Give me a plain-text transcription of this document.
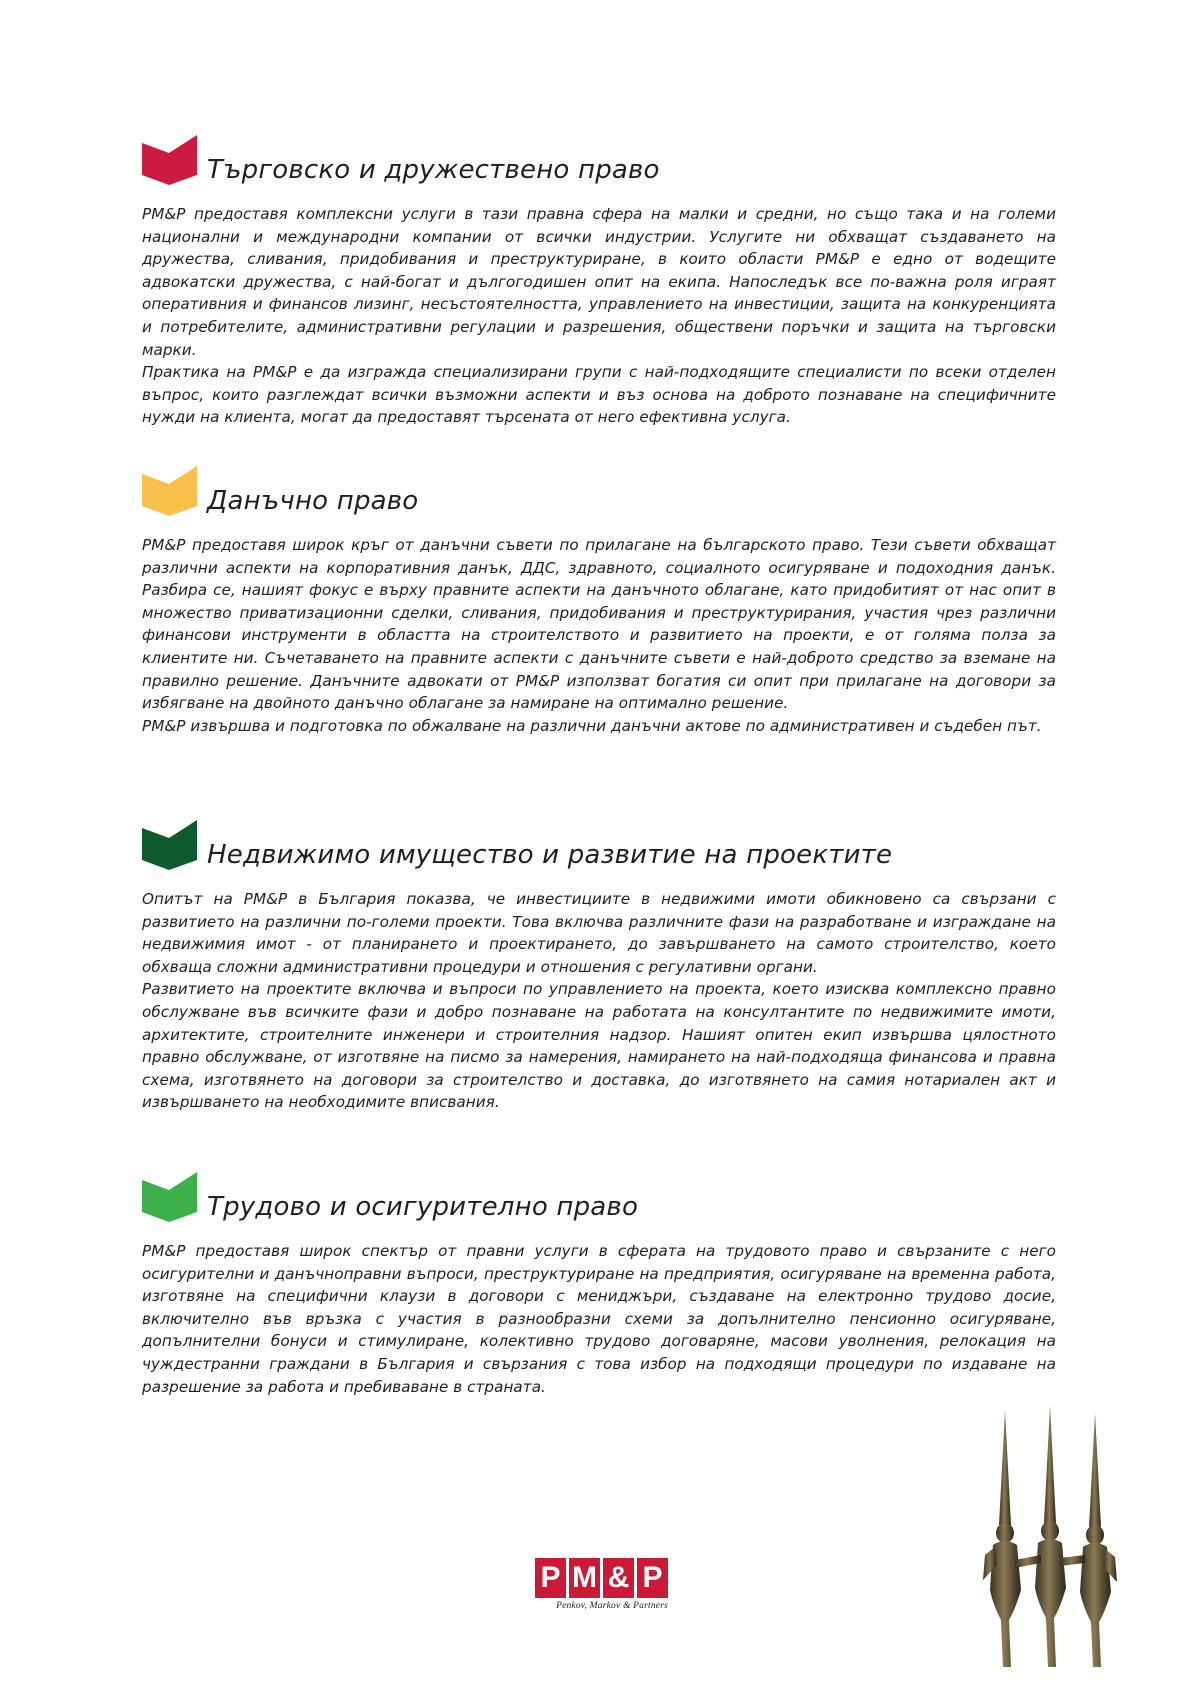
Търговско и дружествено право

PM&P предоставя комплексни услуги в тази правна сфера на малки и средни, но също така и на големи национални и международни компании от всички индустрии. Услугите ни обхващат създаването на дружества, сливания, придобивания и преструктуриране, в които области PM&P е едно от водещите адвокатски дружества, с най-богат и дългогодишен опит на екипа. Напоследък все по-важна роля играят оперативния и финансов лизинг, несъстоятелността, управлението на инвестиции, защита на конкуренцията и потребителите, административни регулации и разрешения, обществени поръчки и защита на търговски марки.

Практика на PM&P е да изгражда специализирани групи с най-подходящите специалисти по всеки отделен въпрос, които разглеждат всички възможни аспекти и въз основа на доброто познаване на специфичните нужди на клиента, могат да предоставят търсената от него ефективна услуга.

Данъчно право

PM&P предоставя широк кръг от данъчни съвети по прилагане на българското право. Тези съвети обхващат различни аспекти на корпоративния данък, ДДС, здравното, социалното осигуряване и подоходния данък. Разбира се, нашият фокус е върху правните аспекти на данъчното облагане, като придобитият от нас опит в множество приватизационни сделки, сливания, придобивания и преструктурирания, участия чрез различни финансови инструменти в областта на строителството и развитието на проекти, е от голяма полза за клиентите ни. Съчетаването на правните аспекти с данъчните съвети е най-доброто средство за вземане на правилно решение. Данъчните адвокати от PM&P използват богатия си опит при прилагане на договори за избягване на двойното данъчно облагане за намиране на оптимално решение.

PM&P извършва и подготовка по обжалване на различни данъчни актове по административен и съдебен път.

Недвижимо имущество и развитие на проектите

Опитът на PM&P в България показва, че инвестициите в недвижими имоти обикновено са свързани с развитието на различни по-големи проекти. Това включва различните фази на разработване и изграждане на недвижимия имот - от планирането и проектирането, до завършването на самото строителство, което обхваща сложни административни процедури и отношения с регулативни органи.

Развитието на проектите включва и въпроси по управлението на проекта, което изисква комплексно правно обслужване във всичките фази и добро познаване на работата на консултантите по недвижимите имоти, архитектите, строителните инженери и строителния надзор. Нашият опитен екип извършва цялостното правно обслужване, от изготвяне на писмо за намерения, намирането на най-подходяща финансова и правна схема, изготвянето на договори за строителство и доставка, до изготвянето на самия нотариален акт и извършването на необходимите вписвания.

Трудово и осигурително право

PM&P предоставя широк спектър от правни услуги в сферата на трудовото право и свързаните с него осигурителни и данъчноправни въпроси, преструктуриране на предприятия, осигуряване на временна работа, изготвяне на специфични клаузи в договори с мениджъри, създаване на електронно трудово досие, включително във връзка с участия в разнообразни схеми за допълнително пенсионно осигуряване, допълнителни бонуси и стимулиране, колективно трудово договаряне, масови уволнения, релокация на чуждестранни граждани в България и свързания с това избор на подходящи процедури по издаване на разрешение за работа и пребиваване в страната.

P M & P
Penkov, Markov & Partners
